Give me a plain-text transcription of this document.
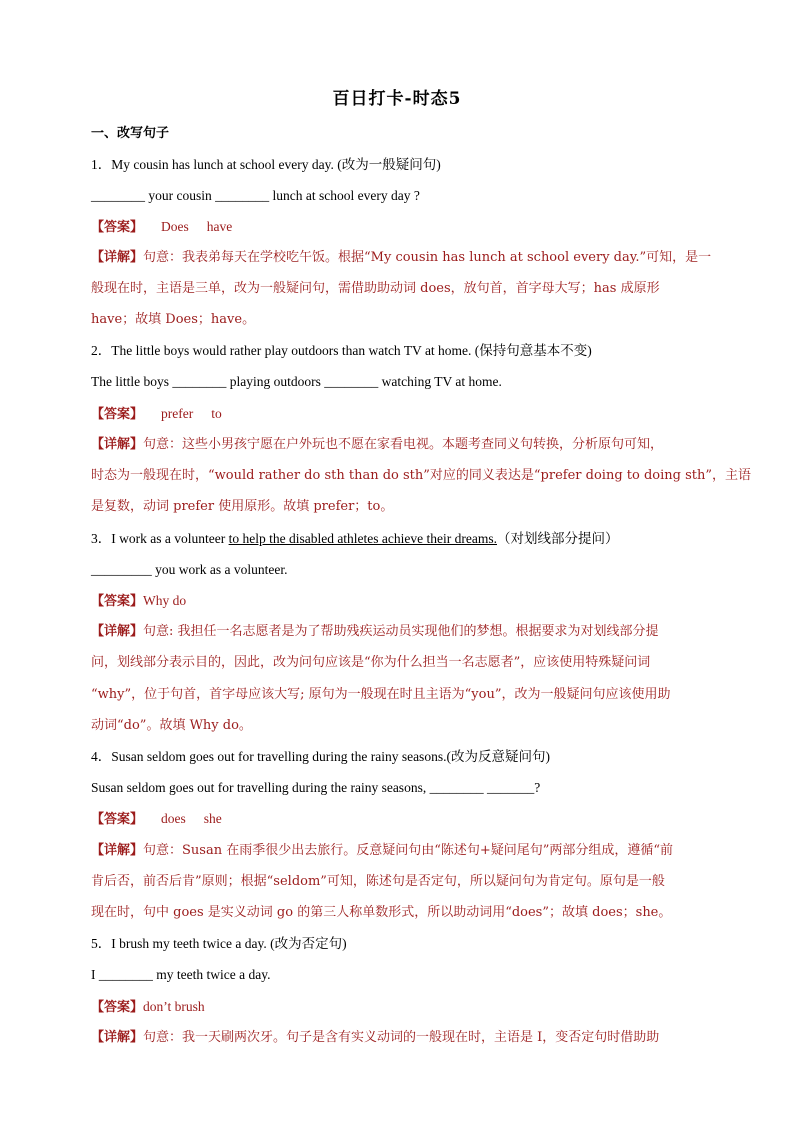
百日打卡-时态5
一、改写句子
1．My cousin has lunch at school every day. (改为一般疑问句)
________ your cousin ________ lunch at school every day ?
【答案】 Does have
【详解】句意：我表弟每天在学校吃午饭。根据“My cousin has lunch at school every day.”可知，是一
般现在时，主语是三单，改为一般疑问句，需借助助动词 does，放句首，首字母大写；has 成原形
have；故填 Does；have。
2．The little boys would rather play outdoors than watch TV at home. (保持句意基本不变)
The little boys ________ playing outdoors ________ watching TV at home.
【答案】 prefer to
【详解】句意：这些小男孩宁愿在户外玩也不愿在家看电视。本题考查同义句转换，分析原句可知，
时态为一般现在时，“would rather do sth than do sth”对应的同义表达是“prefer doing to doing sth”，主语
是复数，动词 prefer 使用原形。故填 prefer；to。
3．I work as a volunteer to help the disabled athletes achieve their dreams.（对划线部分提问）
_________ you work as a volunteer.
【答案】Why do
【详解】句意: 我担任一名志愿者是为了帮助残疾运动员实现他们的梦想。根据要求为对划线部分提
问，划线部分表示目的，因此，改为问句应该是“你为什么担当一名志愿者”，应该使用特殊疑问词
“why”，位于句首，首字母应该大写; 原句为一般现在时且主语为“you”，改为一般疑问句应该使用助
动词“do”。故填 Why do。
4．Susan seldom goes out for travelling during the rainy seasons.(改为反意疑问句)
Susan seldom goes out for travelling during the rainy seasons, ________ _______?
【答案】 does she
【详解】句意：Susan 在雨季很少出去旅行。反意疑问句由“陈述句+疑问尾句”两部分组成，遵循“前
肯后否，前否后肯”原则；根据“seldom”可知，陈述句是否定句，所以疑问句为肯定句。原句是一般
现在时，句中 goes 是实义动词 go 的第三人称单数形式，所以助动词用“does”；故填 does；she。
5．I brush my teeth twice a day. (改为否定句)
I ________ my teeth twice a day.
【答案】don’t brush
【详解】句意：我一天刷两次牙。句子是含有实义动词的一般现在时，主语是 I，变否定句时借助助
